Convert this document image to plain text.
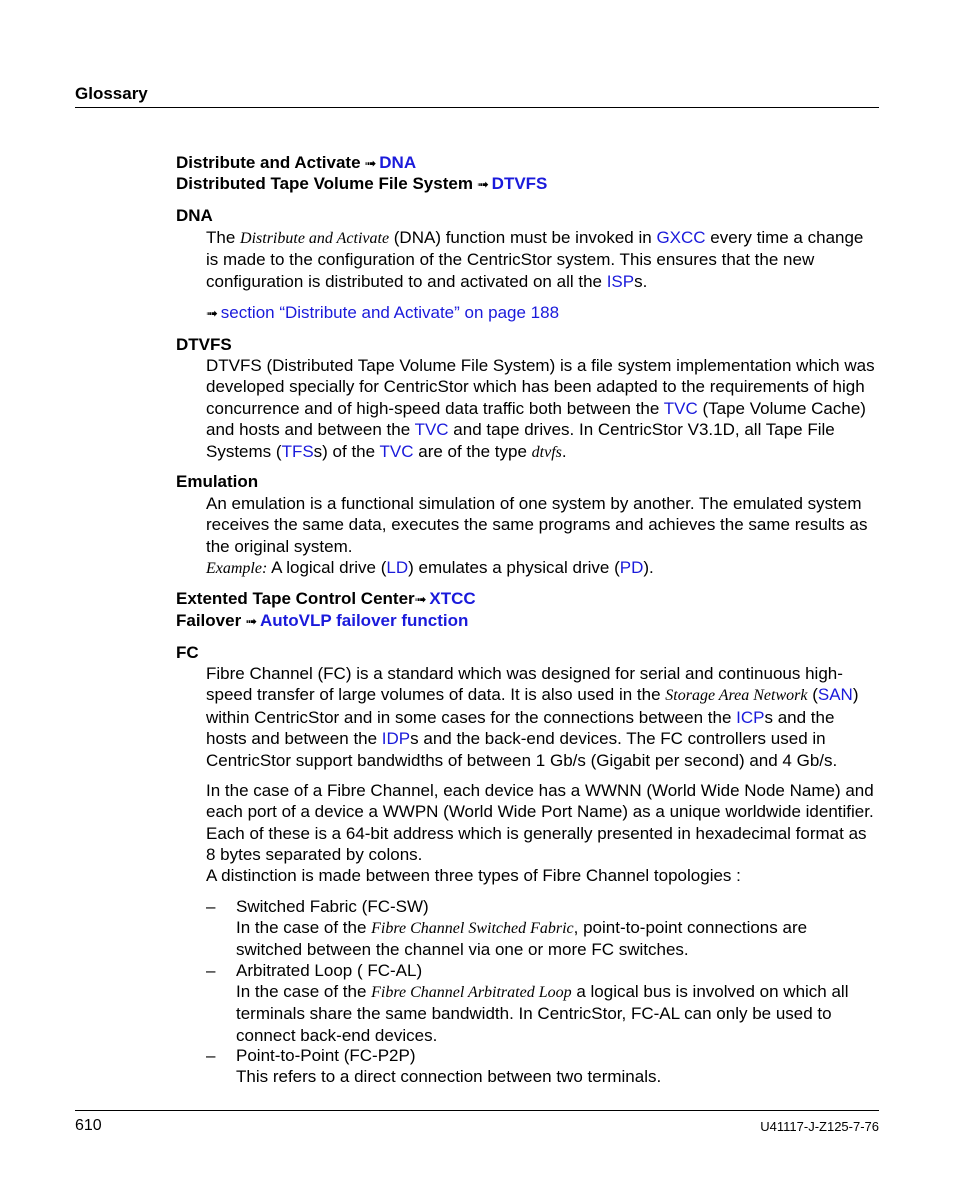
Glossary
Distribute and Activate ➟ DNA
Distributed Tape Volume File System ➟ DTVFS
DNA
The Distribute and Activate (DNA) function must be invoked in GXCC every time a change is made to the configuration of the CentricStor system. This ensures that the new configuration is distributed to and activated on all the ISPs.
➟ section “Distribute and Activate” on page 188
DTVFS
DTVFS (Distributed Tape Volume File System) is a file system implementation which was developed specially for CentricStor which has been adapted to the requirements of high concurrence and of high-speed data traffic both between the TVC (Tape Volume Cache) and hosts and between the TVC and tape drives. In CentricStor V3.1D, all Tape File Systems (TFSs) of the TVC are of the type dtvfs.
Emulation
An emulation is a functional simulation of one system by another. The emulated system receives the same data, executes the same programs and achieves the same results as the original system.
Example: A logical drive (LD) emulates a physical drive (PD).
Extented Tape Control Center➟ XTCC
Failover ➟ AutoVLP failover function
FC
Fibre Channel (FC) is a standard which was designed for serial and continuous high-speed transfer of large volumes of data. It is also used in the Storage Area Network (SAN) within CentricStor and in some cases for the connections between the ICPs and the hosts and between the IDPs and the back-end devices. The FC controllers used in CentricStor support bandwidths of between 1 Gb/s (Gigabit per second) and 4 Gb/s.
In the case of a Fibre Channel, each device has a WWNN (World Wide Node Name) and each port of a device a WWPN (World Wide Port Name) as a unique worldwide identifier. Each of these is a 64-bit address which is generally presented in hexadecimal format as 8 bytes separated by colons.
A distinction is made between three types of Fibre Channel topologies :
– Switched Fabric (FC-SW)
In the case of the Fibre Channel Switched Fabric, point-to-point connections are switched between the channel via one or more FC switches.
– Arbitrated Loop ( FC-AL)
In the case of the Fibre Channel Arbitrated Loop a logical bus is involved on which all terminals share the same bandwidth. In CentricStor, FC-AL can only be used to connect back-end devices.
– Point-to-Point (FC-P2P)
This refers to a direct connection between two terminals.
610	U41117-J-Z125-7-76
